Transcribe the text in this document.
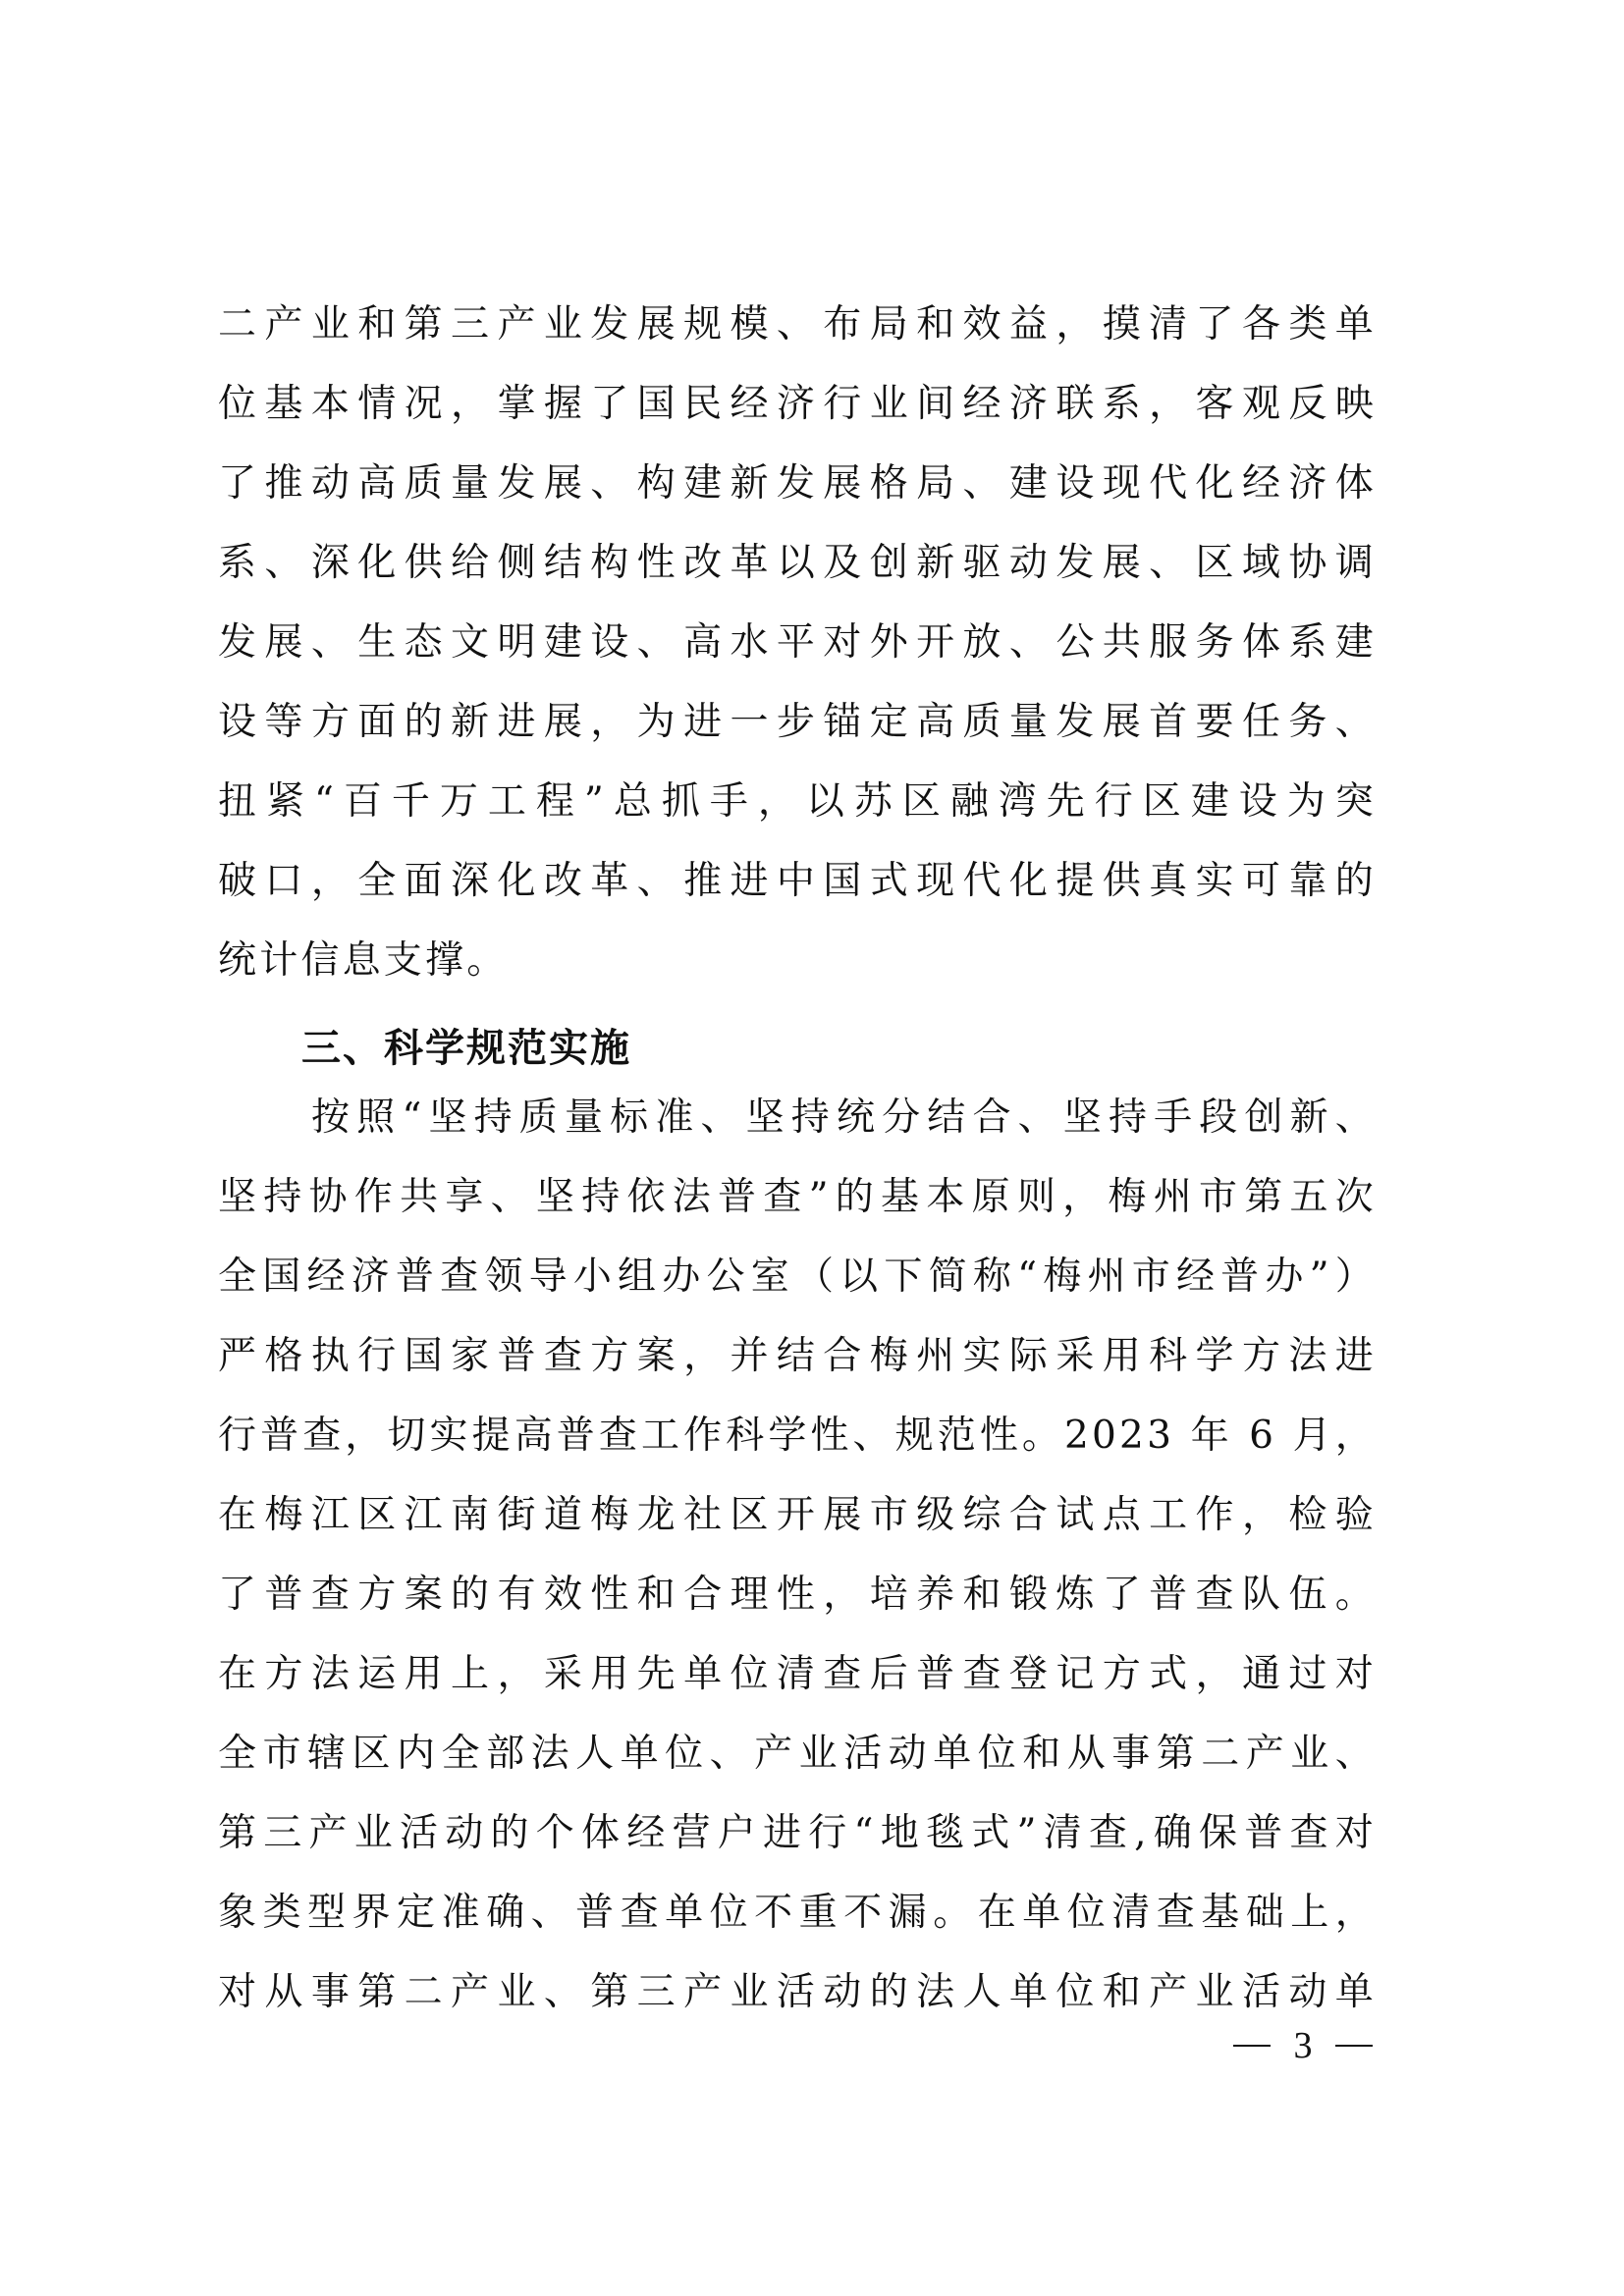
二产业和第三产业发展规模、布局和效益，摸清了各类单
位基本情况，掌握了国民经济行业间经济联系，客观反映
了推动高质量发展、构建新发展格局、建设现代化经济体
系、深化供给侧结构性改革以及创新驱动发展、区域协调
发展、生态文明建设、高水平对外开放、公共服务体系建
设等方面的新进展，为进一步锚定高质量发展首要任务、
扭紧“百千万工程”总抓手，以苏区融湾先行区建设为突
破口，全面深化改革、推进中国式现代化提供真实可靠的
统计信息支撑。
三、科学规范实施
按照“坚持质量标准、坚持统分结合、坚持手段创新、
坚持协作共享、坚持依法普查”的基本原则，梅州市第五次
全国经济普查领导小组办公室（以下简称“梅州市经普办”）
严格执行国家普查方案，并结合梅州实际采用科学方法进
行普查，切实提高普查工作科学性、规范性。2023 年 6 月，
在梅江区江南街道梅龙社区开展市级综合试点工作，检验
了普查方案的有效性和合理性，培养和锻炼了普查队伍。
在方法运用上，采用先单位清查后普查登记方式，通过对
全市辖区内全部法人单位、产业活动单位和从事第二产业、
第三产业活动的个体经营户进行“地毯式”清查,确保普查对
象类型界定准确、普查单位不重不漏。在单位清查基础上，
对从事第二产业、第三产业活动的法人单位和产业活动单
3
